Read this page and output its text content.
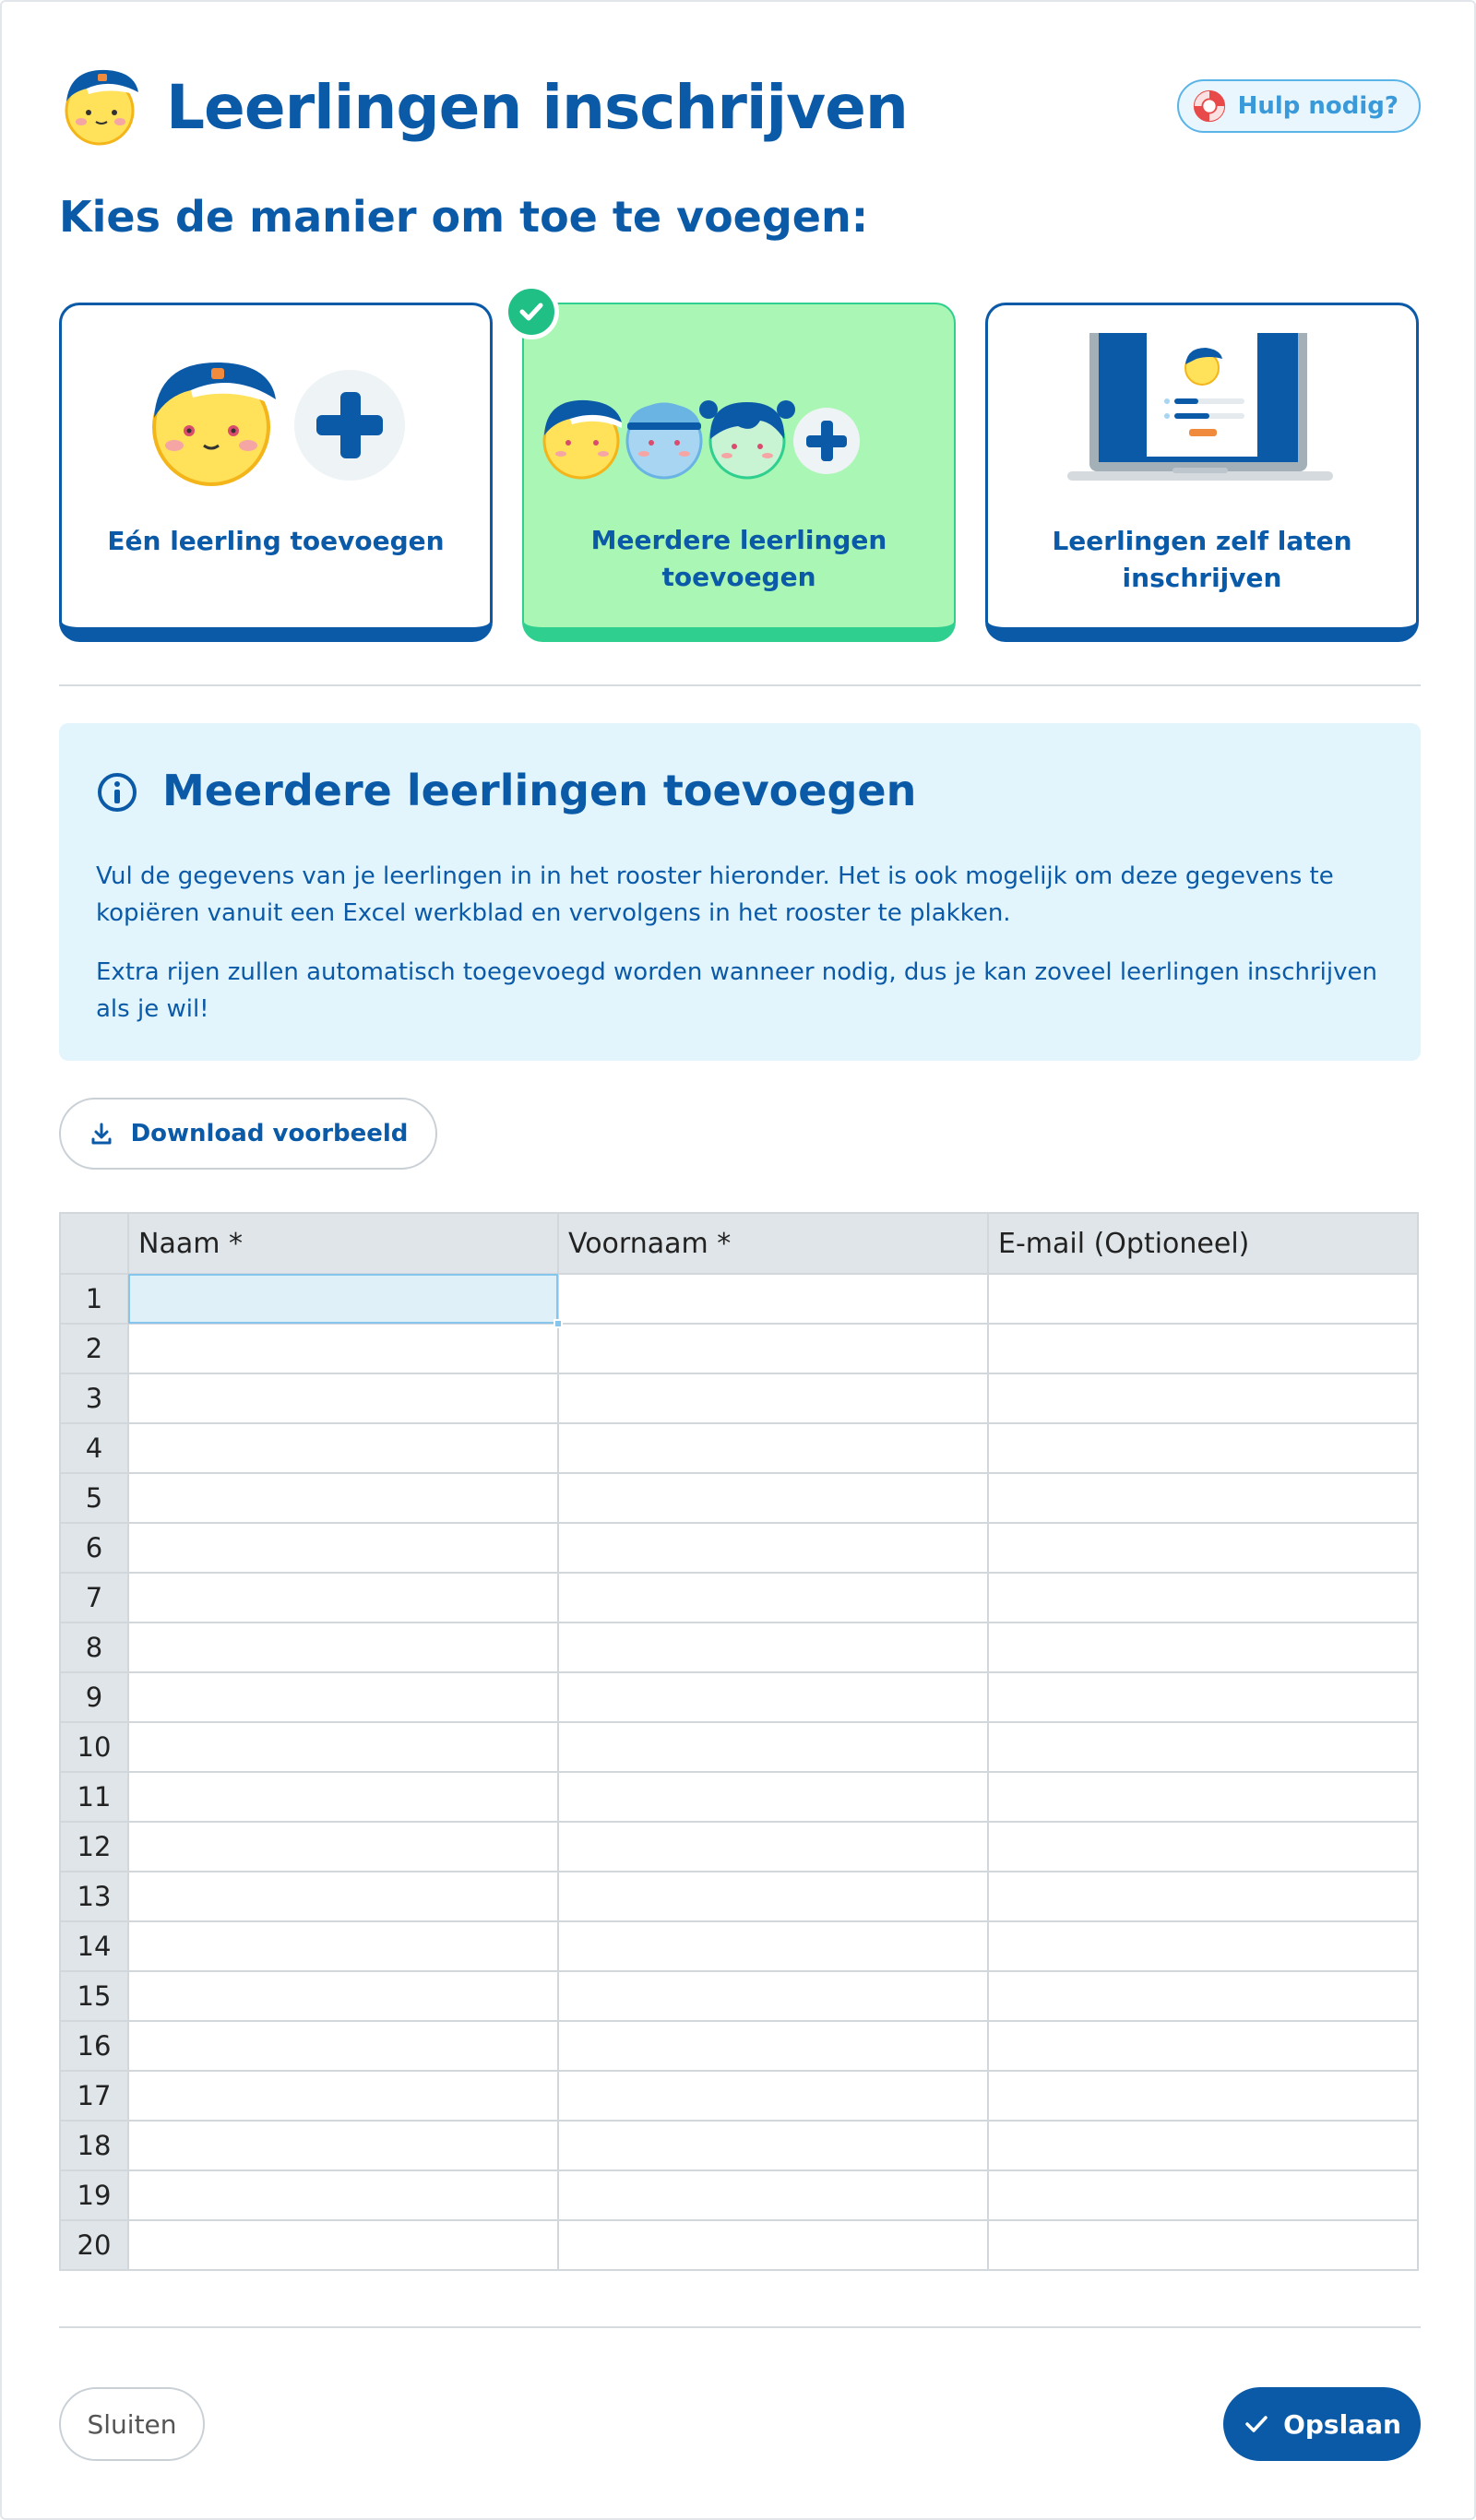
Leerlingen inschrijven	Hulp nodig?
Kies de manier om toe te voegen:
Eén leerling toevoegen	Meerdere leerlingen toevoegen
Leerlingen zelf laten inschrijven
Meerdere leerlingen toevoegen
Vul de gegevens van je leerlingen in in het rooster hieronder. Het is ook mogelijk om deze gegevens te kopiëren vanuit een Excel werkblad en vervolgens in het rooster te plakken.
Extra rijen zullen automatisch toegevoegd worden wanneer nodig, dus je kan zoveel leerlingen inschrijven als je wil!
Download voorbeeld
	Naam *	Voornaam *	E-mail (Optioneel)
1	

2			
3			
4			
5			
6			
7			
8			
9			
10			
11			
12			
13			
14			
15			
16			
17			
18			
19			
20			
Sluiten	Opslaan
